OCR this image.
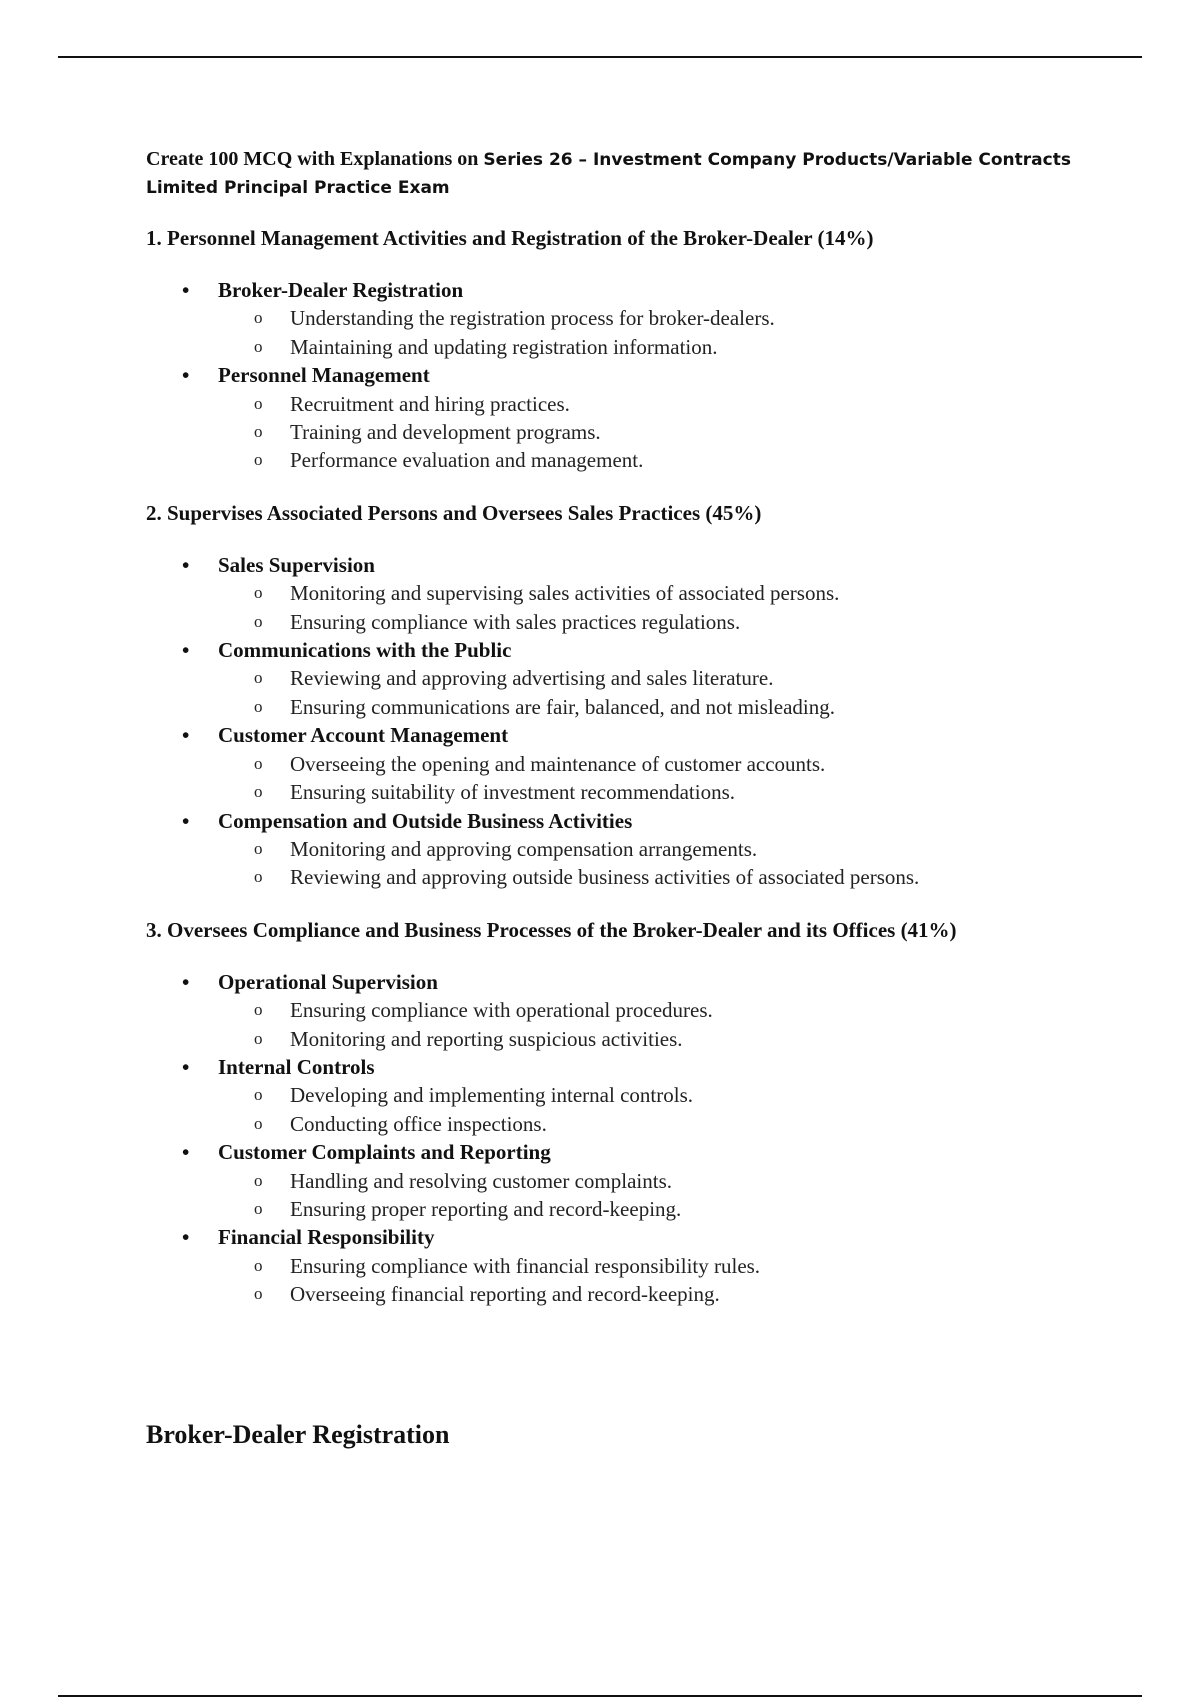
Create 100 MCQ with Explanations on Series 26 – Investment Company Products/Variable Contracts Limited Principal Practice Exam

1. Personnel Management Activities and Registration of the Broker-Dealer (14%)
• Broker-Dealer Registration
o Understanding the registration process for broker-dealers.
o Maintaining and updating registration information.
• Personnel Management
o Recruitment and hiring practices.
o Training and development programs.
o Performance evaluation and management.
2. Supervises Associated Persons and Oversees Sales Practices (45%)
• Sales Supervision
o Monitoring and supervising sales activities of associated persons.
o Ensuring compliance with sales practices regulations.
• Communications with the Public
o Reviewing and approving advertising and sales literature.
o Ensuring communications are fair, balanced, and not misleading.
• Customer Account Management
o Overseeing the opening and maintenance of customer accounts.
o Ensuring suitability of investment recommendations.
• Compensation and Outside Business Activities
o Monitoring and approving compensation arrangements.
o Reviewing and approving outside business activities of associated persons.
3. Oversees Compliance and Business Processes of the Broker-Dealer and its Offices (41%)
• Operational Supervision
o Ensuring compliance with operational procedures.
o Monitoring and reporting suspicious activities.
• Internal Controls
o Developing and implementing internal controls.
o Conducting office inspections.
• Customer Complaints and Reporting
o Handling and resolving customer complaints.
o Ensuring proper reporting and record-keeping.
• Financial Responsibility
o Ensuring compliance with financial responsibility rules.
o Overseeing financial reporting and record-keeping.
Broker-Dealer Registration
